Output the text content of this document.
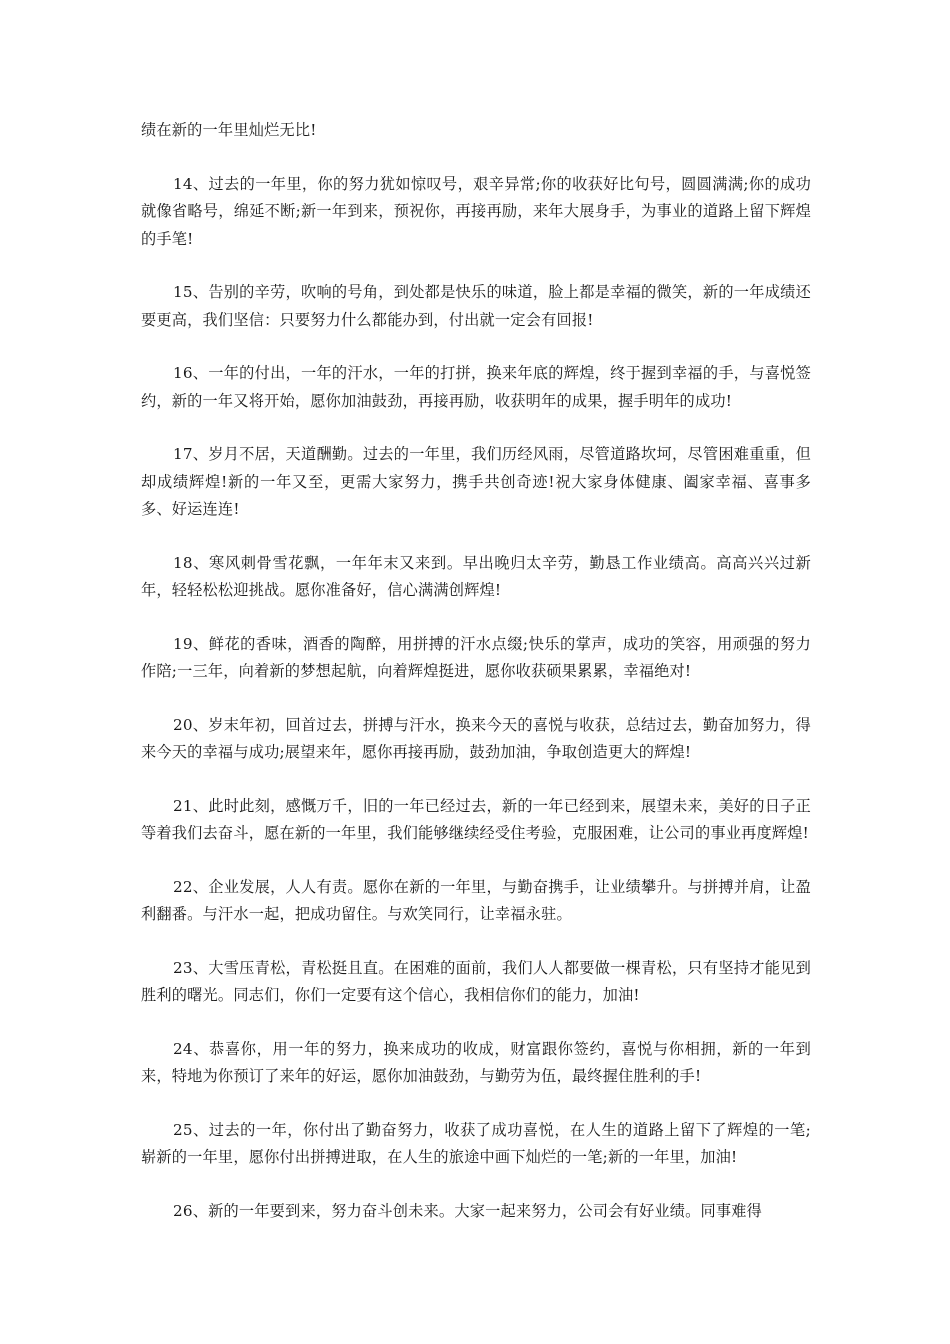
绩在新的一年里灿烂无比!

14、过去的一年里，你的努力犹如惊叹号，艰辛异常;你的收获好比句号，圆圆满满;你的成功就像省略号，绵延不断;新一年到来，预祝你，再接再励，来年大展身手，为事业的道路上留下辉煌的手笔!

15、告别的辛劳，吹响的号角，到处都是快乐的味道，脸上都是幸福的微笑，新的一年成绩还要更高，我们坚信：只要努力什么都能办到，付出就一定会有回报!

16、一年的付出，一年的汗水，一年的打拼，换来年底的辉煌，终于握到幸福的手，与喜悦签约，新的一年又将开始，愿你加油鼓劲，再接再励，收获明年的成果，握手明年的成功!

17、岁月不居，天道酬勤。过去的一年里，我们历经风雨，尽管道路坎坷，尽管困难重重，但却成绩辉煌!新的一年又至，更需大家努力，携手共创奇迹!祝大家身体健康、阖家幸福、喜事多多、好运连连!

18、寒风刺骨雪花飘，一年年末又来到。早出晚归太辛劳，勤恳工作业绩高。高高兴兴过新年，轻轻松松迎挑战。愿你准备好，信心满满创辉煌!

19、鲜花的香味，酒香的陶醉，用拼搏的汗水点缀;快乐的掌声，成功的笑容，用顽强的努力作陪;一三年，向着新的梦想起航，向着辉煌挺进，愿你收获硕果累累，幸福绝对!

20、岁末年初，回首过去，拼搏与汗水，换来今天的喜悦与收获，总结过去，勤奋加努力，得来今天的幸福与成功;展望来年，愿你再接再励，鼓劲加油，争取创造更大的辉煌!

21、此时此刻，感慨万千，旧的一年已经过去，新的一年已经到来，展望未来，美好的日子正等着我们去奋斗，愿在新的一年里，我们能够继续经受住考验，克服困难，让公司的事业再度辉煌!

22、企业发展，人人有责。愿你在新的一年里，与勤奋携手，让业绩攀升。与拼搏并肩，让盈利翻番。与汗水一起，把成功留住。与欢笑同行，让幸福永驻。

23、大雪压青松，青松挺且直。在困难的面前，我们人人都要做一棵青松，只有坚持才能见到胜利的曙光。同志们，你们一定要有这个信心，我相信你们的能力，加油!

24、恭喜你，用一年的努力，换来成功的收成，财富跟你签约，喜悦与你相拥，新的一年到来，特地为你预订了来年的好运，愿你加油鼓劲，与勤劳为伍，最终握住胜利的手!

25、过去的一年，你付出了勤奋努力，收获了成功喜悦，在人生的道路上留下了辉煌的一笔;崭新的一年里，愿你付出拼搏进取，在人生的旅途中画下灿烂的一笔;新的一年里，加油!

26、新的一年要到来，努力奋斗创未来。大家一起来努力，公司会有好业绩。同事难得
